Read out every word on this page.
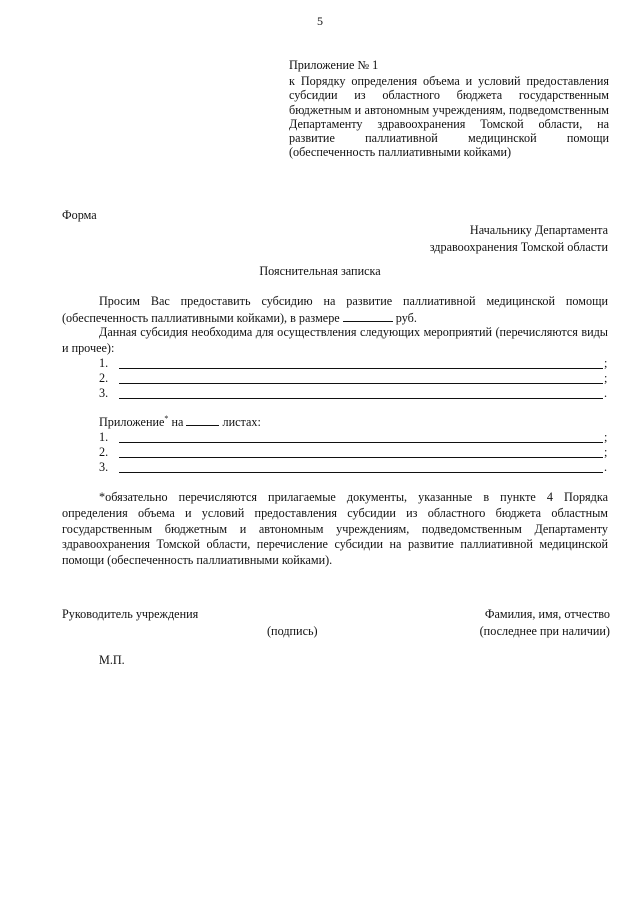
5
Приложение № 1
к Порядку определения объема и условий предоставления субсидии из областного бюджета государственным бюджетным и автономным учреждениям, подведомственным Департаменту здравоохранения Томской области, на развитие паллиативной медицинской помощи (обеспеченность паллиативными койками)
Форма
Начальнику Департамента
здравоохранения Томской области
Пояснительная записка
Просим Вас предоставить субсидию на развитие паллиативной медицинской помощи (обеспеченность паллиативными койками), в размере	руб.
Данная субсидия необходима для осуществления следующих мероприятий (перечисляются виды и прочее):
1.	;
2.	;
3.	.
Приложение* на	листах:
1.	;
2.	;
3.	.
*обязательно перечисляются прилагаемые документы, указанные в пункте 4 Порядка определения объема и условий предоставления субсидии из областного бюджета областным государственным бюджетным и автономным учреждениям, подведомственным Департаменту здравоохранения Томской области, перечисление субсидии на развитие паллиативной медицинской помощи (обеспеченность паллиативными койками).
Руководитель учреждения
(подпись)
Фамилия, имя, отчество
(последнее при наличии)
М.П.
